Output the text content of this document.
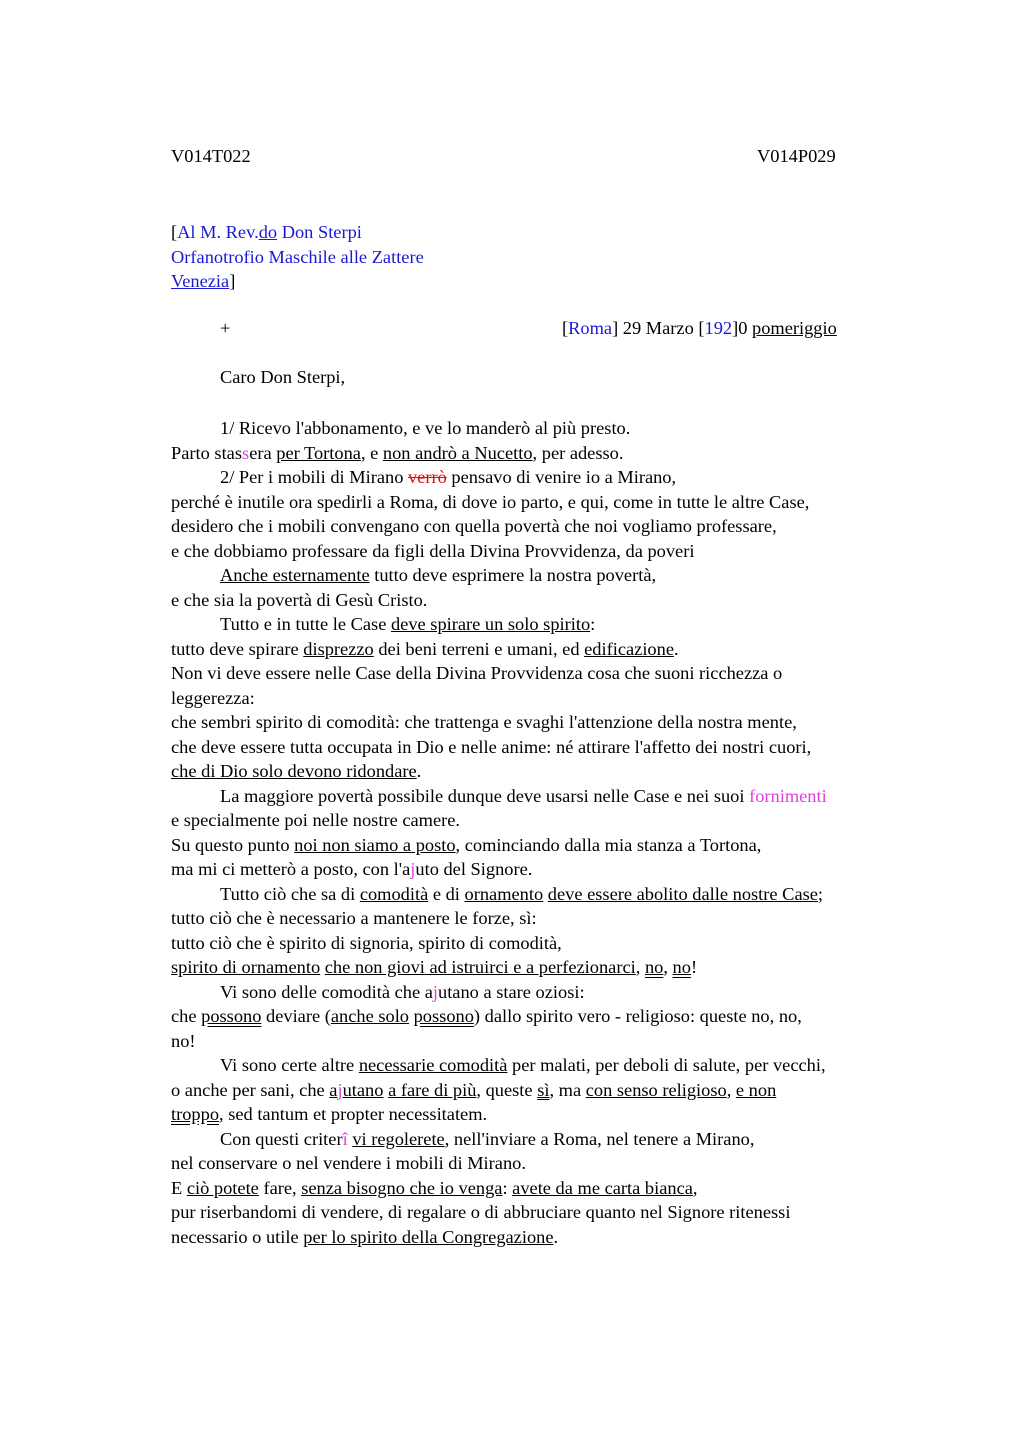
V014T022	V014P029
[Al M. Rev.do Don Sterpi
Orfanotrofio Maschile alle Zattere
Venezia]
+	[Roma] 29 Marzo [192]0 pomeriggio
Caro Don Sterpi,
1/ Ricevo l'abbonamento, e ve lo manderò al più presto.
Parto stassera per Tortona, e non andrò a Nucetto, per adesso.
2/ Per i mobili di Mirano verrò pensavo di venire io a Mirano,
perché è inutile ora spedirli a Roma, di dove io parto, e qui, come in tutte le altre Case,
desidero che i mobili convengano con quella povertà che noi vogliamo professare,
e che dobbiamo professare da figli della Divina Provvidenza, da poveri
Anche esternamente tutto deve esprimere la nostra povertà,
e che sia la povertà di Gesù Cristo.
Tutto e in tutte le Case deve spirare un solo spirito:
tutto deve spirare disprezzo dei beni terreni e umani, ed edificazione.
Non vi deve essere nelle Case della Divina Provvidenza cosa che suoni ricchezza o
leggerezza:
che sembri spirito di comodità: che trattenga e svaghi l'attenzione della nostra mente,
che deve essere tutta occupata in Dio e nelle anime: né attirare l'affetto dei nostri cuori,
che di Dio solo devono ridondare.
La maggiore povertà possibile dunque deve usarsi nelle Case e nei suoi fornimenti
e specialmente poi nelle nostre camere.
Su questo punto noi non siamo a posto, cominciando dalla mia stanza a Tortona,
ma mi ci metterò a posto, con l'ajuto del Signore.
Tutto ciò che sa di comodità e di ornamento deve essere abolito dalle nostre Case;
tutto ciò che è necessario a mantenere le forze, sì:
tutto ciò che è spirito di signoria, spirito di comodità,
spirito di ornamento che non giovi ad istruirci e a perfezionarci, no, no!
Vi sono delle comodità che ajutano a stare oziosi:
che possono deviare (anche solo possono) dallo spirito vero - religioso: queste no, no,
no!
Vi sono certe altre necessarie comodità per malati, per deboli di salute, per vecchi,
o anche per sani, che ajutano a fare di più, queste sì, ma con senso religioso, e non
troppo, sed tantum et propter necessitatem.
Con questi criterî vi regolerete, nell'inviare a Roma, nel tenere a Mirano,
nel conservare o nel vendere i mobili di Mirano.
E ciò potete fare, senza bisogno che io venga: avete da me carta bianca,
pur riserbandomi di vendere, di regalare o di abbruciare quanto nel Signore ritenessi
necessario o utile per lo spirito della Congregazione.
